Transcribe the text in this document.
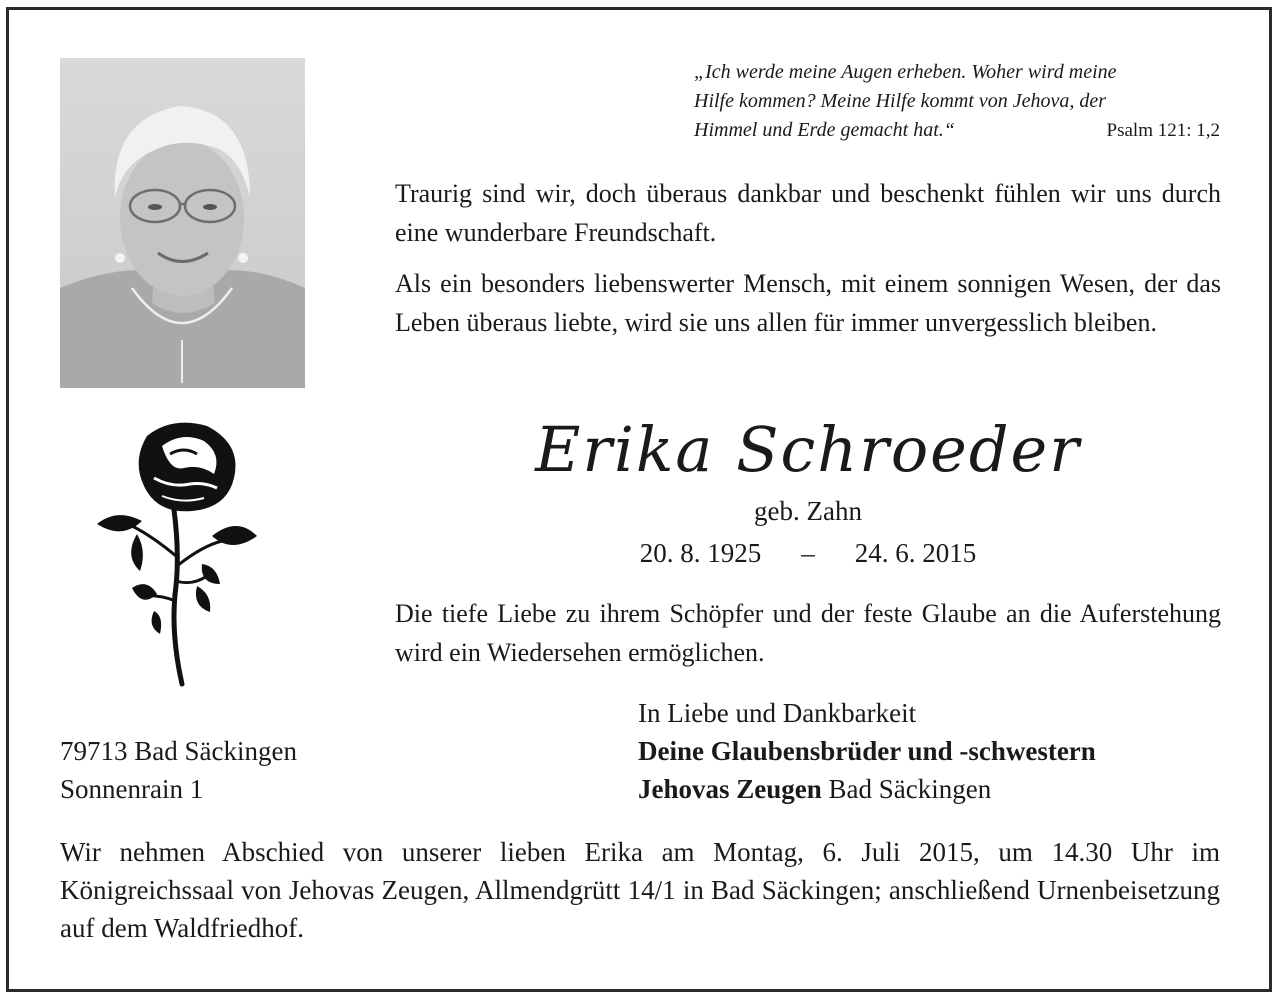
„Ich werde meine Augen erheben. Woher wird meine
Hilfe kommen? Meine Hilfe kommt von Jehova, der
Himmel und Erde gemacht hat.“	Psalm 121: 1,2
Traurig sind wir, doch überaus dankbar und beschenkt fühlen wir uns durch eine wunderbare Freundschaft.
Als ein besonders liebenswerter Mensch, mit einem sonnigen Wesen, der das Leben überaus liebte, wird sie uns allen für immer unvergesslich bleiben.
Erika Schroeder
geb. Zahn
20. 8. 1925 – 24. 6. 2015
Die tiefe Liebe zu ihrem Schöpfer und der feste Glaube an die Auferstehung wird ein Wiedersehen ermöglichen.
In Liebe und Dankbarkeit
Deine Glaubensbrüder und -schwestern
Jehovas Zeugen Bad Säckingen
79713 Bad Säckingen
Sonnenrain 1
Wir nehmen Abschied von unserer lieben Erika am Montag, 6. Juli 2015, um 14.30 Uhr im Königreichssaal von Jehovas Zeugen, Allmendgrütt 14/1 in Bad Säckingen; anschließend Urnenbeisetzung auf dem Waldfriedhof.
